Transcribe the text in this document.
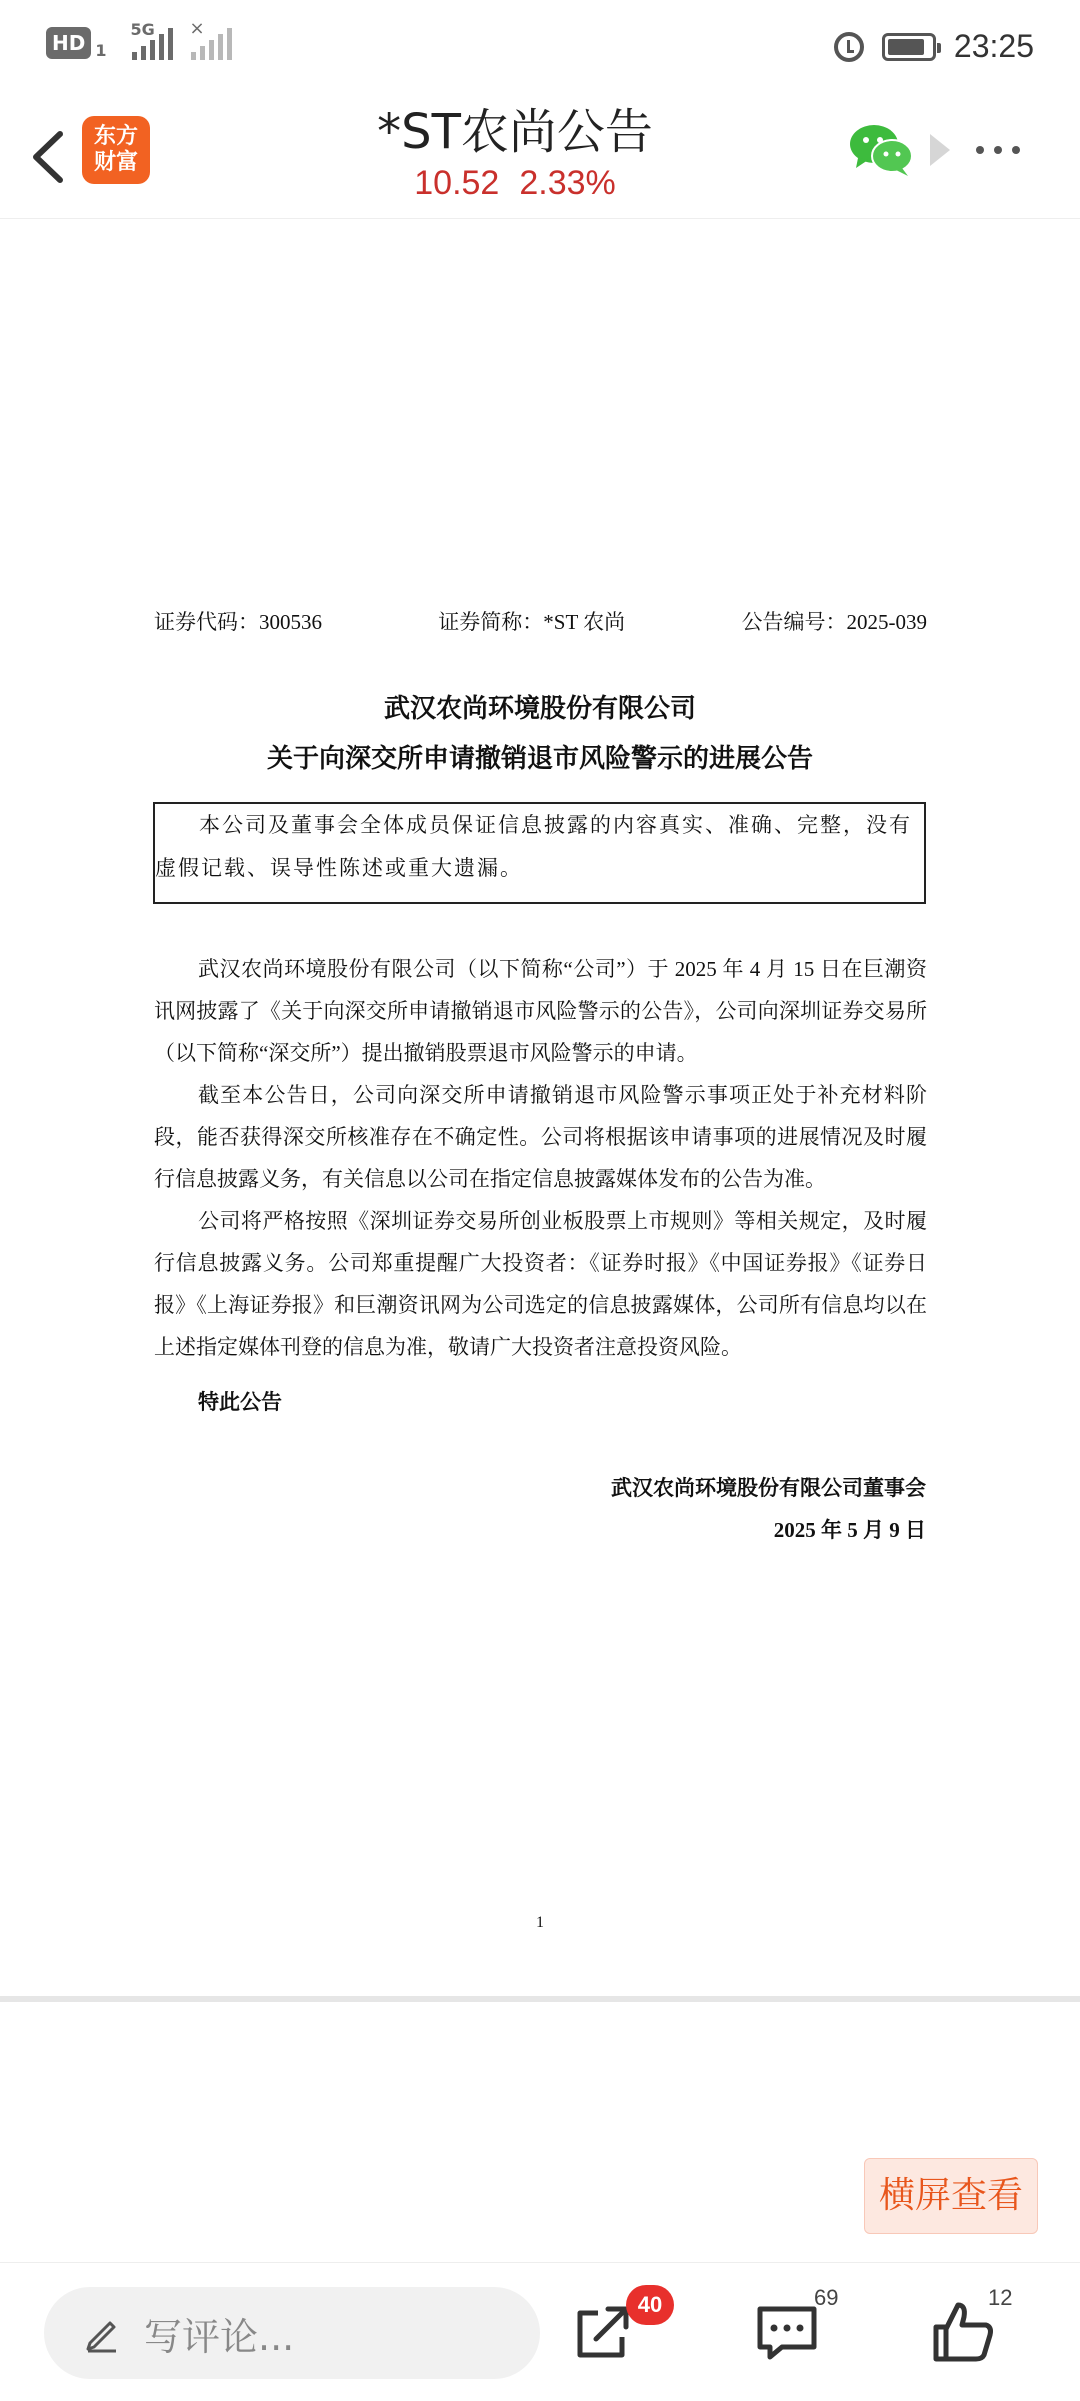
HD 1
5G ×	23:25
东方
财富
*ST农尚公告
10.52 2.33%
证券代码：300536	证券简称：*ST 农尚	公告编号：2025-039
武汉农尚环境股份有限公司
关于向深交所申请撤销退市风险警示的进展公告

本公司及董事会全体成员保证信息披露的内容真实、准确、完整，没有虚假记载、误导性陈述或重大遗漏。

武汉农尚环境股份有限公司（以下简称“公司”）于 2025 年 4 月 15 日在巨潮资讯网披露了《关于向深交所申请撤销退市风险警示的公告》，公司向深圳证券交易所（以下简称“深交所”）提出撤销股票退市风险警示的申请。

截至本公告日，公司向深交所申请撤销退市风险警示事项正处于补充材料阶段，能否获得深交所核准存在不确定性。公司将根据该申请事项的进展情况及时履行信息披露义务，有关信息以公司在指定信息披露媒体发布的公告为准。

公司将严格按照《深圳证券交易所创业板股票上市规则》等相关规定，及时履行信息披露义务。公司郑重提醒广大投资者：《证券时报》《中国证券报》《证券日报》《上海证券报》和巨潮资讯网为公司选定的信息披露媒体，公司所有信息均以在上述指定媒体刊登的信息为准，敬请广大投资者注意投资风险。

特此公告
武汉农尚环境股份有限公司董事会
2025 年 5 月 9 日
1
横屏查看
写评论...
40	69	12
